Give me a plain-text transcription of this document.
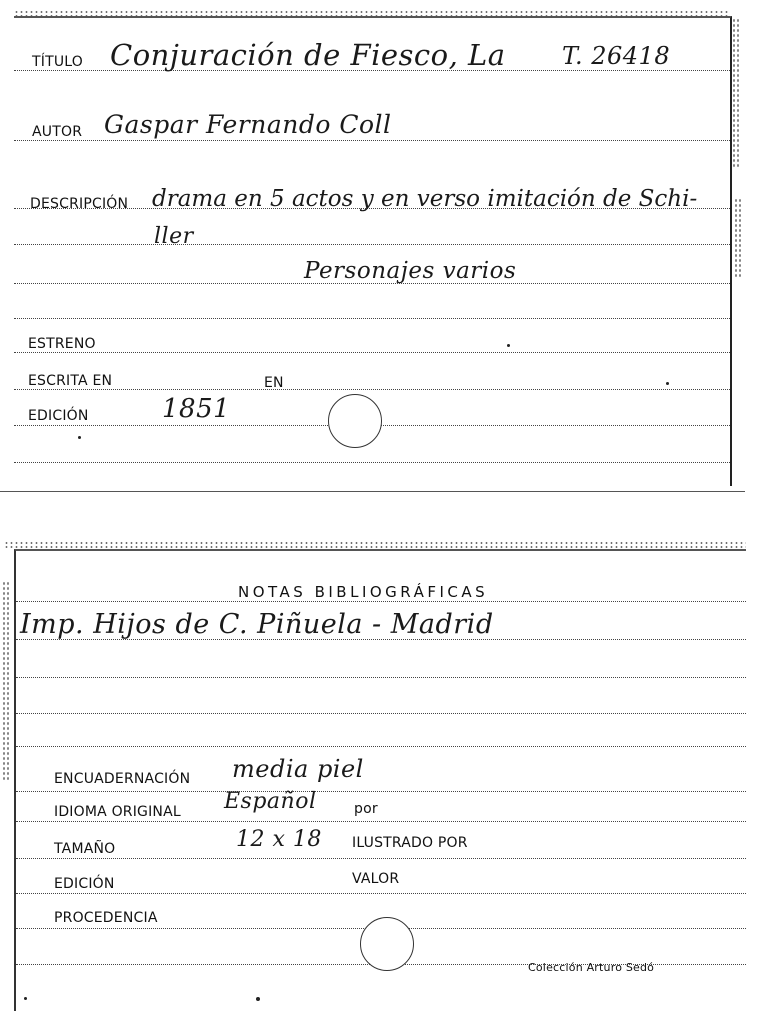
TÍTULO Conjuración de Fiesco, La T. 26418
AUTOR Gaspar Fernando Coll
DESCRIPCIÓN drama en 5 actos y en verso imitación de Schi-
ller
Personajes varios
ESTRENO
ESCRITA EN	EN
EDICIÓN	1851
NOTAS BIBLIOGRÁFICAS
Imp. Hijos de C. Piñuela - Madrid
ENCUADERNACIÓN media piel
IDIOMA ORIGINAL Español	por
TAMAÑO	12 x 18 ILUSTRADO POR
EDICIÓN	VALOR
PROCEDENCIA
Colección Arturo Sedó
